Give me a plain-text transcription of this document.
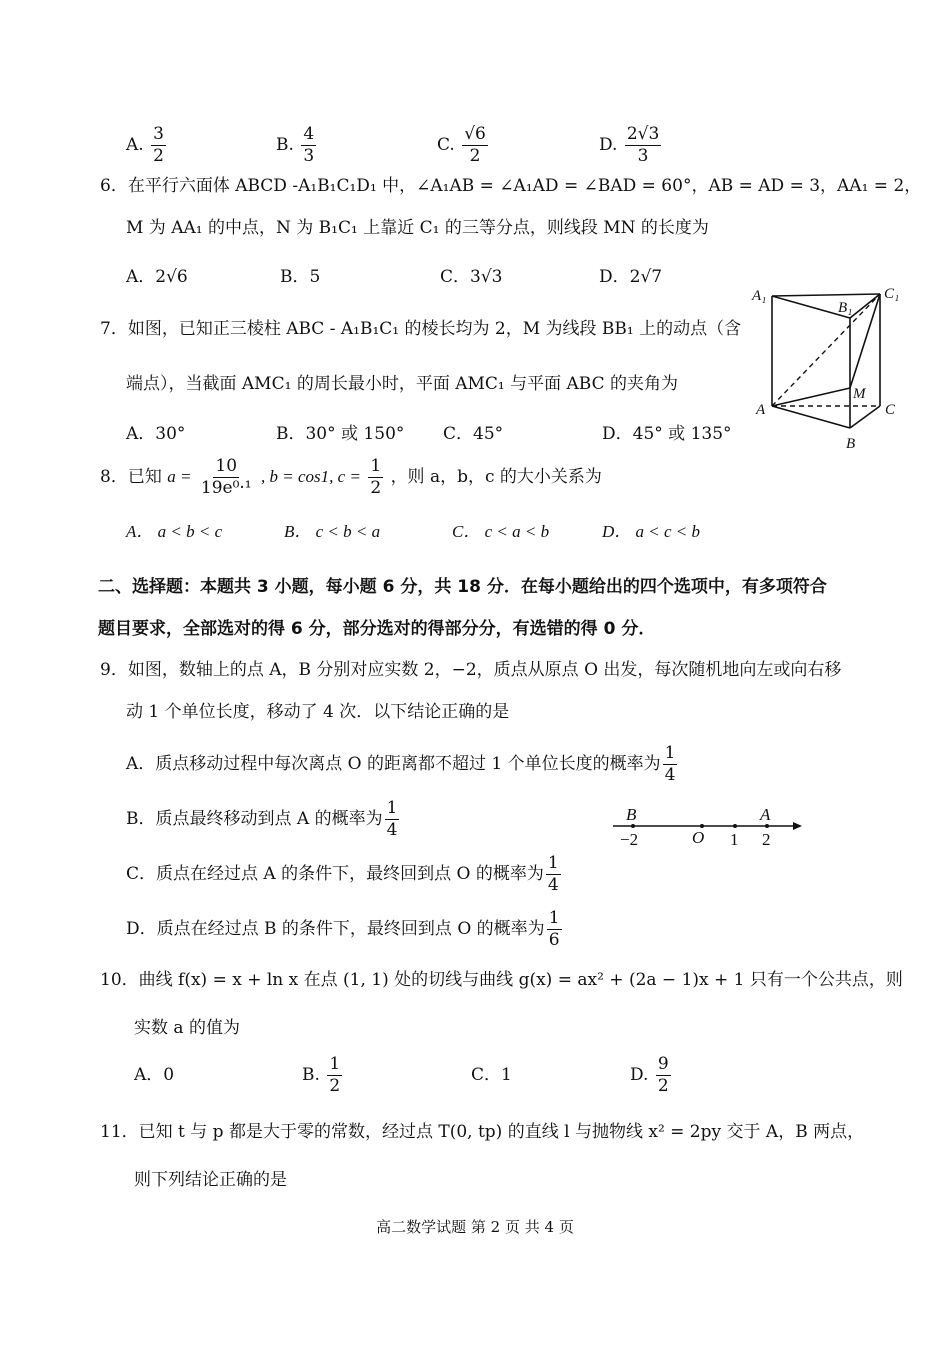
A. $\frac{3}{2}$	B. $\frac{4}{3}$	C. $\frac{√6}{2}$	D. $\frac{2√3}{3}$
6．在平行六面体 ABCD -A₁B₁C₁D₁ 中，∠A₁AB = ∠A₁AD = ∠BAD = 60°，AB = AD = 3，AA₁ = 2，
M 为 AA₁ 的中点，N 为 B₁C₁ 上靠近 C₁ 的三等分点，则线段 MN 的长度为
A．2√6	B．5	C．3√3	D．2√7
7．如图，已知正三棱柱 ABC - A₁B₁C₁ 的棱长均为 2，M 为线段 BB₁ 上的动点（含
端点），当截面 AMC₁ 的周长最小时，平面 AMC₁ 与平面 ABC 的夹角为
A．30°	B．30° 或 150° C．45°	D．45° 或 135°
A₁
B₁
C₁
A
B
C
M
8．已知 $a = \frac{10}{\text{19e⁰·¹}}$ , b = cos1, $c = \frac{1}{2}$ ，则 a，b，c 的大小关系为
A． a < b < c	B． c < b < a	C． c < a < b	D． a < c < b
二、选择题：本题共 3 小题，每小题 6 分，共 18 分．在每小题给出的四个选项中，有多项符合
题目要求，全部选对的得 6 分，部分选对的得部分分，有选错的得 0 分．
9．如图，数轴上的点 A，B 分别对应实数 2，−2，质点从原点 O 出发，每次随机地向左或向右移
动 1 个单位长度，移动了 4 次．以下结论正确的是
A．质点移动过程中每次离点 O 的距离都不超过 1 个单位长度的概率为 $\frac{1}{4}$
B．质点最终移动到点 A 的概率为 $\frac{1}{4}$
C．质点在经过点 A 的条件下，最终回到点 O 的概率为 $\frac{1}{4}$
D．质点在经过点 B 的条件下，最终回到点 O 的概率为 $\frac{1}{6}$
B	A
−2	O 1 2
10．曲线 f(x) = x + ln x 在点 (1, 1) 处的切线与曲线 g(x) = ax² + (2a − 1)x + 1 只有一个公共点，则
实数 a 的值为
A．0	B. $\frac{1}{2}$	C．1	D. $\frac{9}{2}$
11．已知 t 与 p 都是大于零的常数，经过点 T(0, tp) 的直线 l 与抛物线 x² = 2py 交于 A，B 两点，
则下列结论正确的是
高二数学试题 第 2 页 共 4 页
